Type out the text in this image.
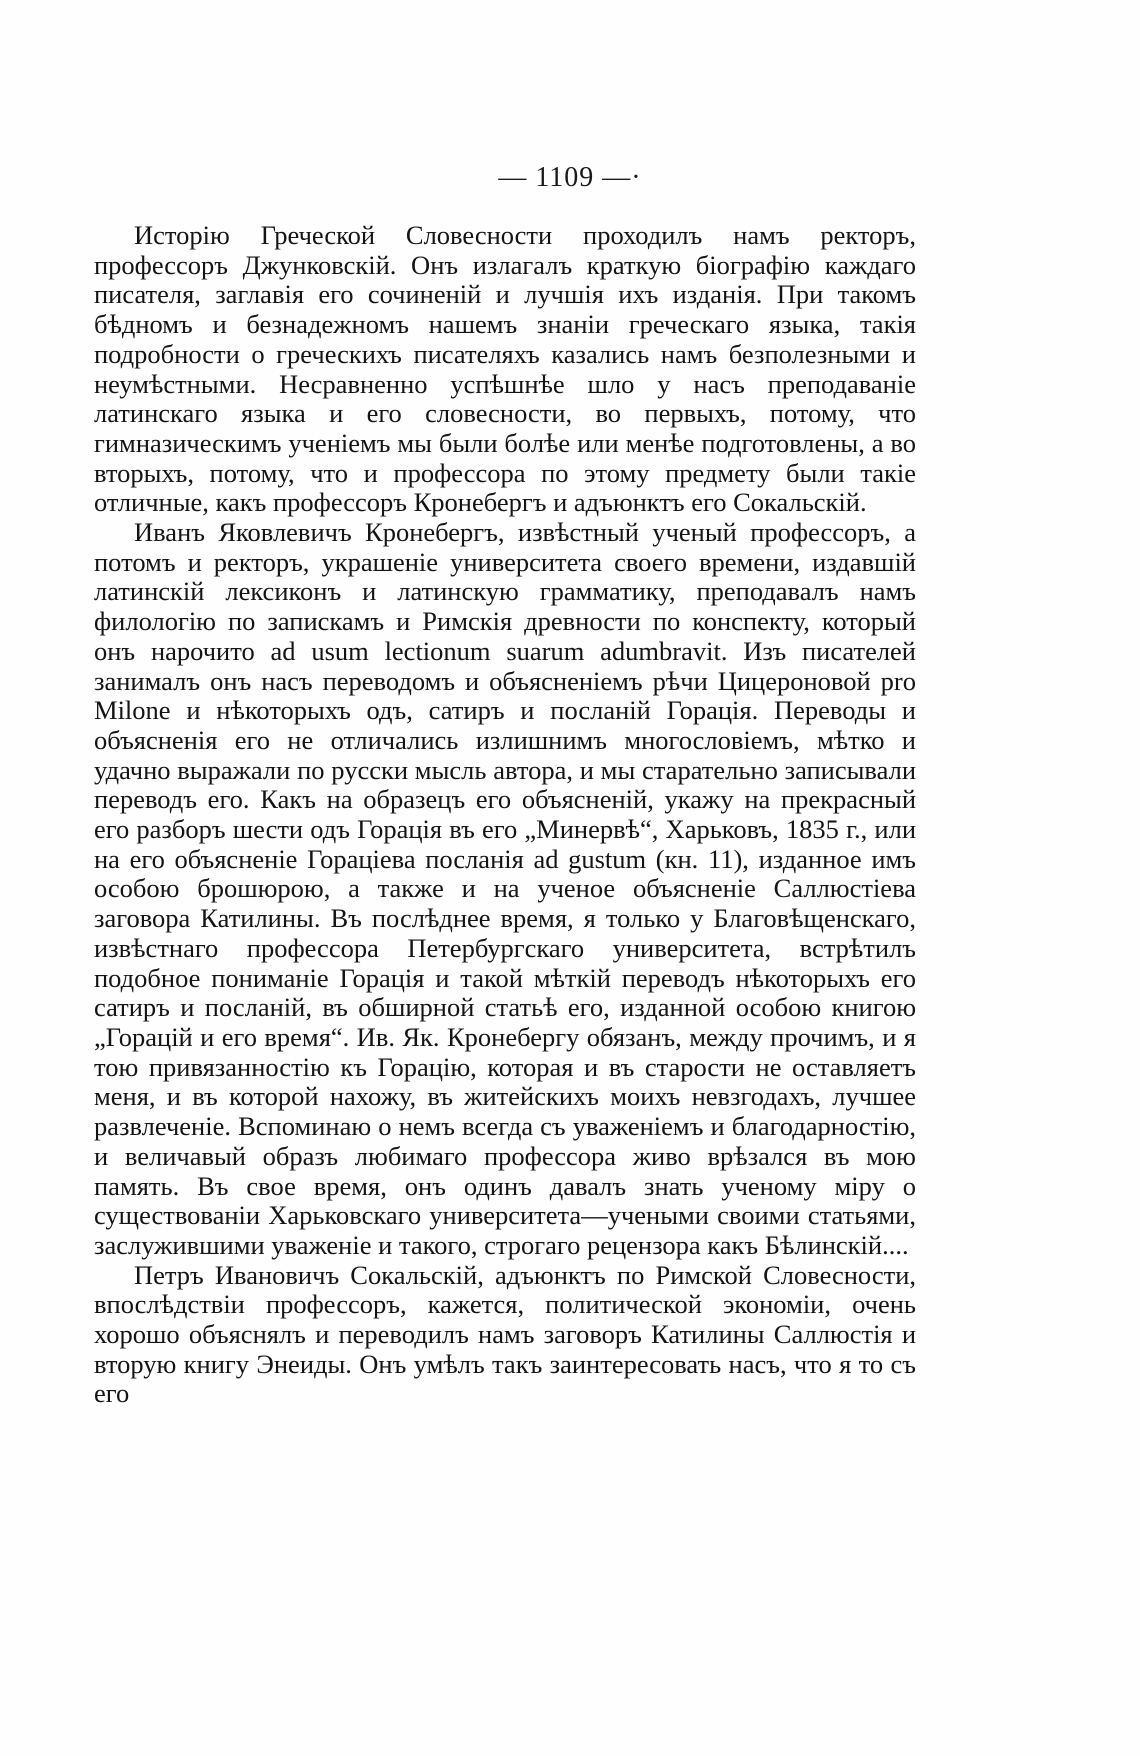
— 1109 —·

Исторію Греческой Словесности проходилъ намъ ректоръ, профессоръ Джунковскій. Онъ излагалъ краткую біографію каждаго писателя, заглавія его сочиненій и лучшія ихъ изданія. При такомъ бѣдномъ и безнадежномъ нашемъ знаніи греческаго языка, такія подробности о греческихъ писателяхъ казались намъ безполезными и неумѣстными. Несравненно успѣшнѣе шло у насъ преподаваніе латинскаго языка и его словесности, во первыхъ, потому, что гимназическимъ ученіемъ мы были болѣе или менѣе подготовлены, а во вторыхъ, потому, что и профессора по этому предмету были такіе отличные, какъ профессоръ Кронебергъ и адъюнктъ его Сокальскій.

Иванъ Яковлевичъ Кронебергъ, извѣстный ученый профессоръ, а потомъ и ректоръ, украшеніе университета своего времени, издавшій латинскій лексиконъ и латинскую грамматику, преподавалъ намъ филологію по запискамъ и Римскія древности по конспекту, который онъ нарочито ad usum lectionum suarum adumbravit. Изъ писателей занималъ онъ насъ переводомъ и объясненіемъ рѣчи Цицероновой pro Milone и нѣкоторыхъ одъ, сатиръ и посланій Горація. Переводы и объясненія его не отличались излишнимъ многословіемъ, мѣтко и удачно выражали по русски мысль автора, и мы старательно записывали переводъ его. Какъ на образецъ его объясненій, укажу на прекрасный его разборъ шести одъ Горація въ его „Минервѣ“, Харьковъ, 1835 г., или на его объясненіе Гораціева посланія ad gustum (кн. 11), изданное имъ особою брошюрою, а также и на ученое объясненіе Саллюстіева заговора Катилины. Въ послѣднее время, я только у Благовѣщенскаго, извѣстнаго профессора Петербургскаго университета, встрѣтилъ подобное пониманіе Горація и такой мѣткій переводъ нѣкоторыхъ его сатиръ и посланій, въ обширной статьѣ его, изданной особою книгою „Горацій и его время“. Ив. Як. Кронебергу обязанъ, между прочимъ, и я тою привязанностію къ Горацію, которая и въ старости не оставляетъ меня, и въ которой нахожу, въ житейскихъ моихъ невзгодахъ, лучшее развлеченіе. Вспоминаю о немъ всегда съ уваженіемъ и благодарностію, и величавый образъ любимаго профессора живо врѣзался въ мою память. Въ свое время, онъ одинъ давалъ знать ученому міру о существованіи Харьковскаго университета—учеными своими статьями, заслужившими уваженіе и такого, строгаго рецензора какъ Бѣлинскій....

Петръ Ивановичъ Сокальскій, адъюнктъ по Римской Словесности, впослѣдствіи профессоръ, кажется, политической экономіи, очень хорошо объяснялъ и переводилъ намъ заговоръ Катилины Саллюстія и вторую книгу Энеиды. Онъ умѣлъ такъ заинтересовать насъ, что я то съ его
